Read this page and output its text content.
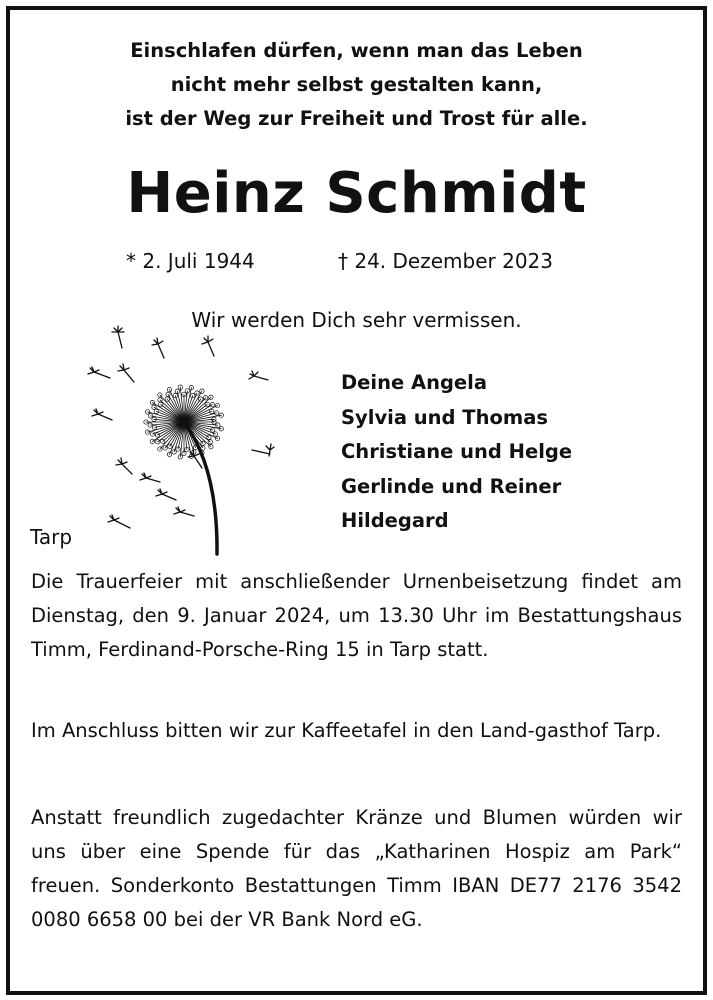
Einschlafen dürfen, wenn man das Leben
nicht mehr selbst gestalten kann,
ist der Weg zur Freiheit und Trost für alle.
Heinz Schmidt
* 2. Juli 1944	† 24. Dezember 2023
Wir werden Dich sehr vermissen.
Deine Angela
Sylvia und Thomas
Christiane und Helge
Gerlinde und Reiner
Hildegard
Tarp
Die Trauerfeier mit anschließender Urnenbeisetzung findet am Dienstag, den 9. Januar 2024, um 13.30 Uhr im Bestattungshaus Timm, Ferdinand-Porsche-Ring 15 in Tarp statt.
Im Anschluss bitten wir zur Kaffeetafel in den Land-gasthof Tarp.
Anstatt freundlich zugedachter Kränze und Blumen würden wir uns über eine Spende für das „Katharinen Hospiz am Park“ freuen. Sonderkonto Bestattungen Timm IBAN DE77 2176 3542 0080 6658 00 bei der VR Bank Nord eG.
